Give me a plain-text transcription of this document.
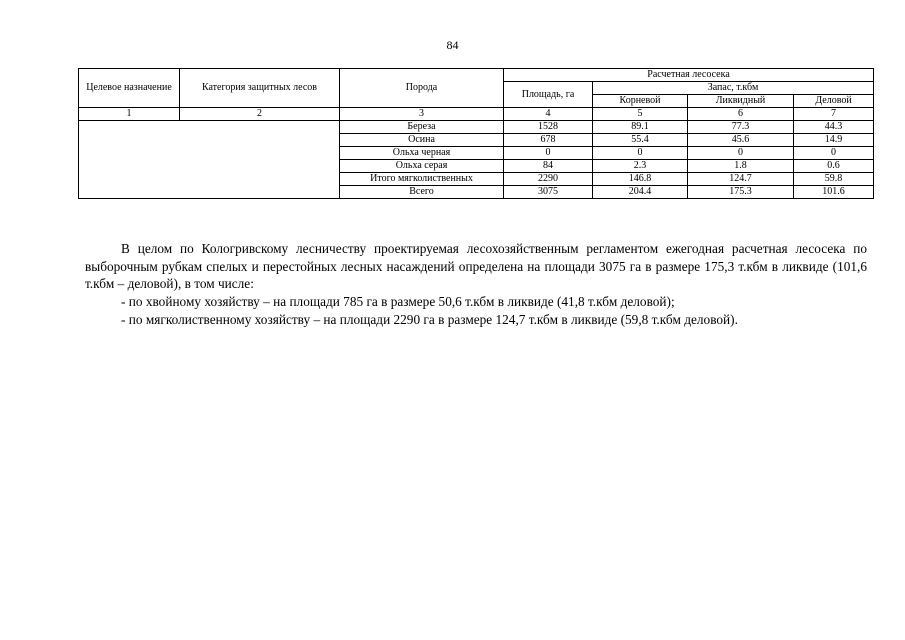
84
Целевое назначение	Категория защитных лесов	Порода	Расчетная лесосека			
			Площадь, га	Запас, т.кбм		
				Корневой	Ликвидный	Деловой
1	2	3	4	5	6	7
		Береза	1528	89.1	77.3	44.3
		Осина	678	55.4	45.6	14.9
		Ольха черная	0	0	0	0
		Ольха серая	84	2.3	1.8	0.6
		Итого мягколиственных	2290	146.8	124.7	59.8
		Всего	3075	204.4	175.3	101.6
В целом по Кологривскому лесничеству проектируемая лесохозяйственным регламентом ежегодная расчетная лесосека по выборочным рубкам спелых и перестойных лесных насаждений определена на площади 3075 га в размере 175,3 т.кбм в ликвиде (101,6 т.кбм – деловой), в том числе:
- по хвойному хозяйству – на площади 785 га в размере 50,6 т.кбм в ликвиде (41,8 т.кбм деловой);
- по мягколиственному хозяйству – на площади 2290 га в размере 124,7 т.кбм в ликвиде (59,8 т.кбм деловой).
